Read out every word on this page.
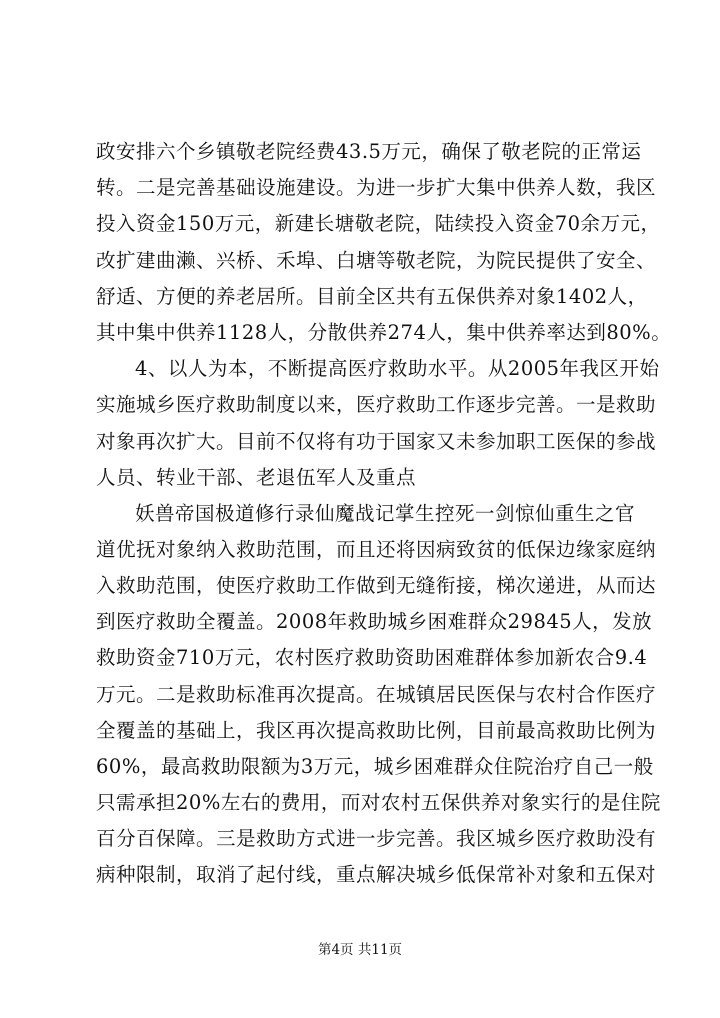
政安排六个乡镇敬老院经费43.5万元，确保了敬老院的正常运
转。二是完善基础设施建设。为进一步扩大集中供养人数，我区
投入资金150万元，新建长塘敬老院，陆续投入资金70余万元，
改扩建曲濑、兴桥、禾埠、白塘等敬老院，为院民提供了安全、
舒适、方便的养老居所。目前全区共有五保供养对象1402人，
其中集中供养1128人，分散供养274人，集中供养率达到80%。
4、以人为本，不断提高医疗救助水平。从2005年我区开始
实施城乡医疗救助制度以来，医疗救助工作逐步完善。一是救助
对象再次扩大。目前不仅将有功于国家又未参加职工医保的参战
人员、转业干部、老退伍军人及重点
妖兽帝国极道修行录仙魔战记掌生控死一剑惊仙重生之官
道优抚对象纳入救助范围，而且还将因病致贫的低保边缘家庭纳
入救助范围，使医疗救助工作做到无缝衔接，梯次递进，从而达
到医疗救助全覆盖。2008年救助城乡困难群众29845人，发放
救助资金710万元，农村医疗救助资助困难群体参加新农合9.4
万元。二是救助标准再次提高。在城镇居民医保与农村合作医疗
全覆盖的基础上，我区再次提高救助比例，目前最高救助比例为
60%，最高救助限额为3万元，城乡困难群众住院治疗自己一般
只需承担20%左右的费用，而对农村五保供养对象实行的是住院
百分百保障。三是救助方式进一步完善。我区城乡医疗救助没有
病种限制，取消了起付线，重点解决城乡低保常补对象和五保对
第4页 共11页
